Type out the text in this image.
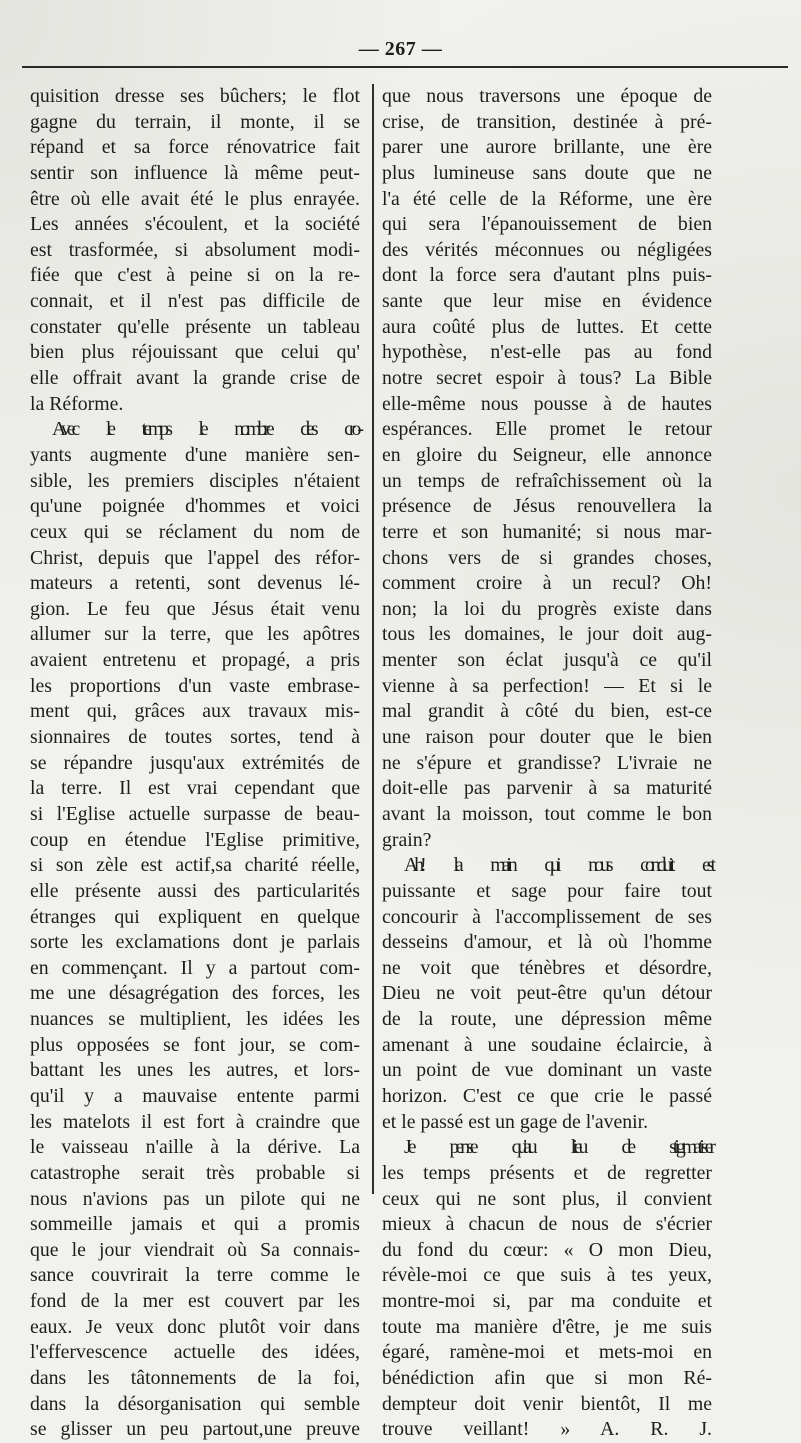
— 267 —
quisition dresse ses bûchers; le flot
gagne du terrain, il monte, il se
répand et sa force rénovatrice fait
sentir son influence là même peut-
être où elle avait été le plus enrayée.
Les années s'écoulent, et la société
est trasformée, si absolument modi-
fiée que c'est à peine si on la re-
connait, et il n'est pas difficile de
constater qu'elle présente un tableau
bien plus réjouissant que celui qu'
elle offrait avant la grande crise de
la Réforme.
Avec le temps le nombre des cro-
yants augmente d'une manière sen-
sible, les premiers disciples n'étaient
qu'une poignée d'hommes et voici
ceux qui se réclament du nom de
Christ, depuis que l'appel des réfor-
mateurs a retenti, sont devenus lé-
gion. Le feu que Jésus était venu
allumer sur la terre, que les apôtres
avaient entretenu et propagé, a pris
les proportions d'un vaste embrase-
ment qui, grâces aux travaux mis-
sionnaires de toutes sortes, tend à
se répandre jusqu'aux extrémités de
la terre. Il est vrai cependant que
si l'Eglise actuelle surpasse de beau-
coup en étendue l'Eglise primitive,
si son zèle est actif,sa charité réelle,
elle présente aussi des particularités
étranges qui expliquent en quelque
sorte les exclamations dont je parlais
en commençant. Il y a partout com-
me une désagrégation des forces, les
nuances se multiplient, les idées les
plus opposées se font jour, se com-
battant les unes les autres, et lors-
qu'il y a mauvaise entente parmi
les matelots il est fort à craindre que
le vaisseau n'aille à la dérive. La
catastrophe serait très probable si
nous n'avions pas un pilote qui ne
sommeille jamais et qui a promis
que le jour viendrait où Sa connais-
sance couvrirait la terre comme le
fond de la mer est couvert par les
eaux. Je veux donc plutôt voir dans
l'effervescence actuelle des idées,
dans les tâtonnements de la foi,
dans la désorganisation qui semble
se glisser un peu partout,une preuve
que nous traversons une époque de
crise, de transition, destinée à pré-
parer une aurore brillante, une ère
plus lumineuse sans doute que ne
l'a été celle de la Réforme, une ère
qui sera l'épanouissement de bien
des vérités méconnues ou négligées
dont la force sera d'autant plns puis-
sante que leur mise en évidence
aura coûté plus de luttes. Et cette
hypothèse, n'est-elle pas au fond
notre secret espoir à tous? La Bible
elle-même nous pousse à de hautes
espérances. Elle promet le retour
en gloire du Seigneur, elle annonce
un temps de refraîchissement où la
présence de Jésus renouvellera la
terre et son humanité; si nous mar-
chons vers de si grandes choses,
comment croire à un recul? Oh!
non; la loi du progrès existe dans
tous les domaines, le jour doit aug-
menter son éclat jusqu'à ce qu'il
vienne à sa perfection! — Et si le
mal grandit à côté du bien, est-ce
une raison pour douter que le bien
ne s'épure et grandisse? L'ivraie ne
doit-elle pas parvenir à sa maturité
avant la moisson, tout comme le bon
grain?
Ah! la main qui nous conduit est
puissante et sage pour faire tout
concourir à l'accomplissement de ses
desseins d'amour, et là où l'homme
ne voit que ténèbres et désordre,
Dieu ne voit peut-être qu'un détour
de la route, une dépression même
amenant à une soudaine éclaircie, à
un point de vue dominant un vaste
horizon. C'est ce que crie le passé
et le passé est un gage de l'avenir.
Je pense qu'au lieu de stigmatiser
les temps présents et de regretter
ceux qui ne sont plus, il convient
mieux à chacun de nous de s'écrier
du fond du cœur: « O mon Dieu,
révèle-moi ce que suis à tes yeux,
montre-moi si, par ma conduite et
toute ma manière d'être, je me suis
égaré, ramène-moi et mets-moi en
bénédiction afin que si mon Ré-
dempteur doit venir bientôt, Il me
trouve veillant! » A. R. J.
